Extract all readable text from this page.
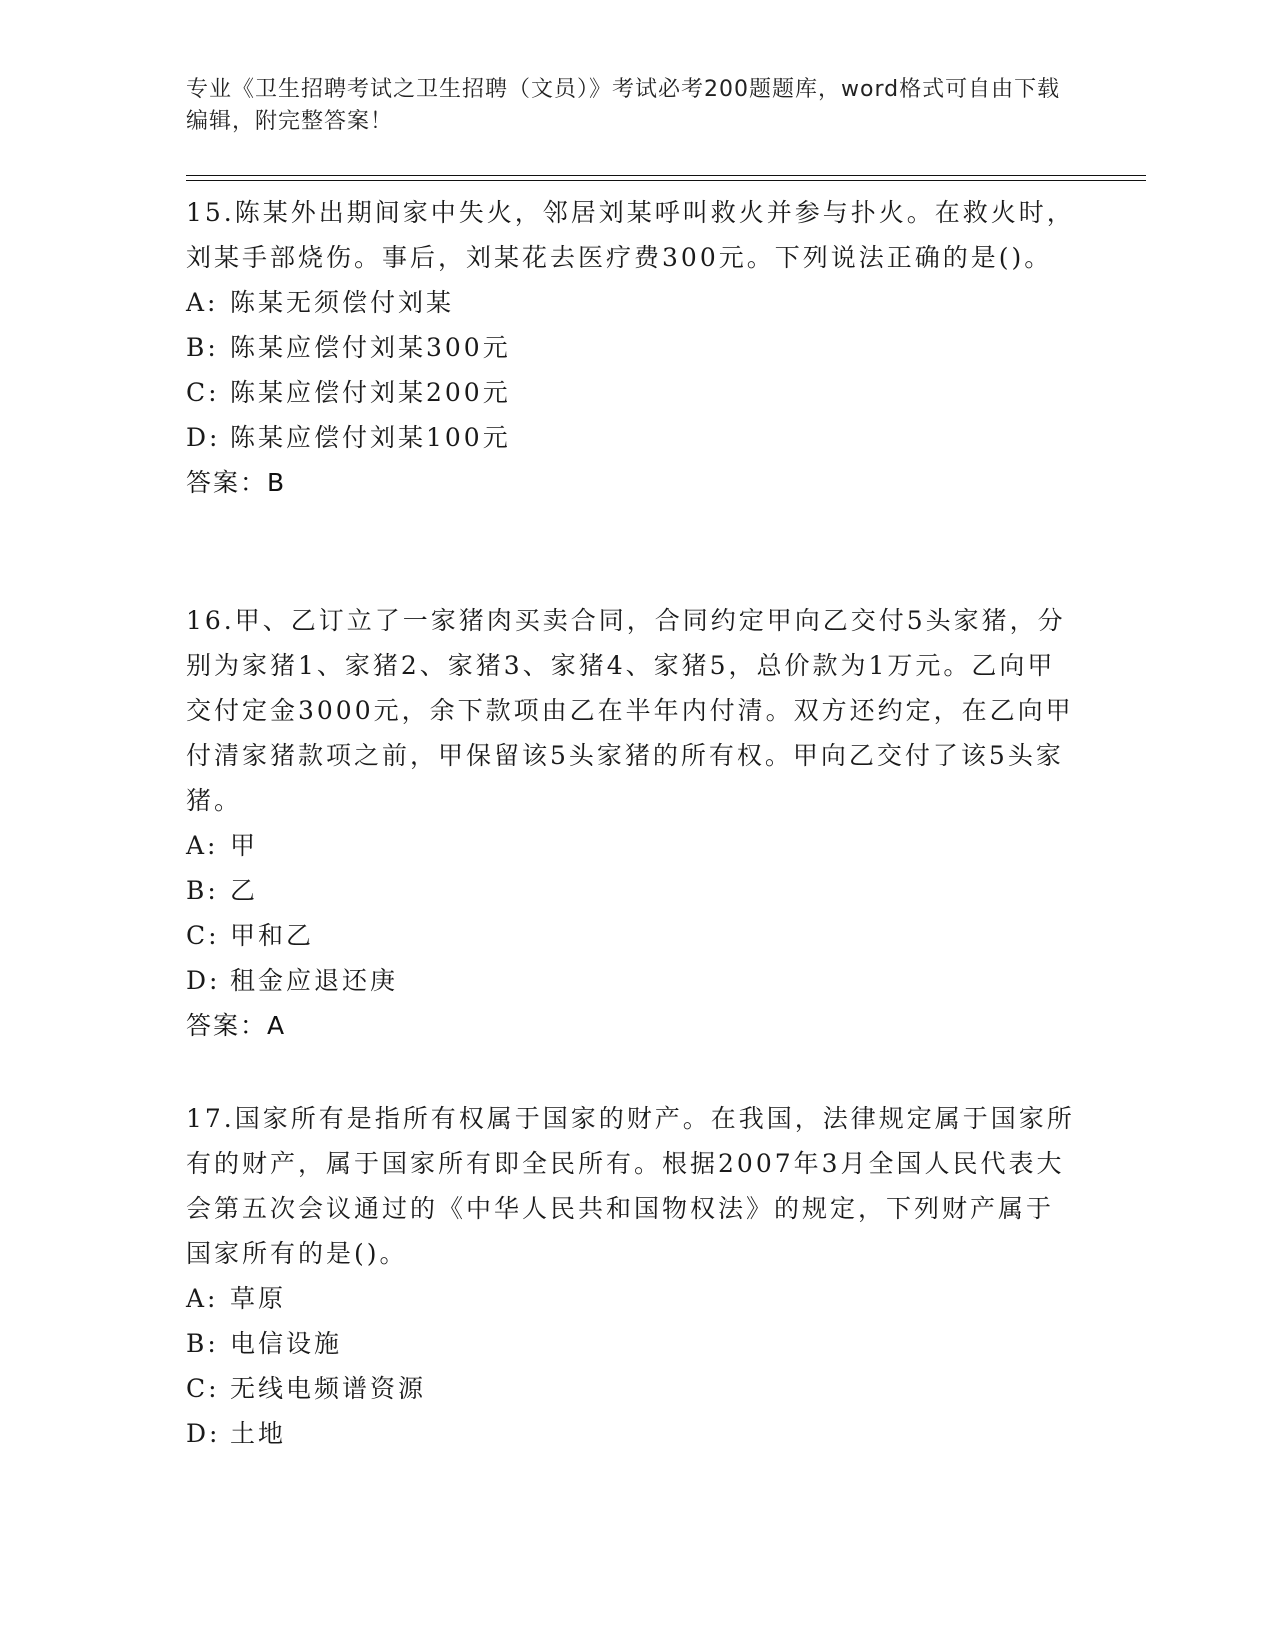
专业《卫生招聘考试之卫生招聘（文员）》考试必考200题题库，word格式可自由下载编辑，附完整答案！

15.陈某外出期间家中失火，邻居刘某呼叫救火并参与扑火。在救火时，刘某手部烧伤。事后，刘某花去医疗费300元。下列说法正确的是()。

A: 陈某无须偿付刘某
B: 陈某应偿付刘某300元
C: 陈某应偿付刘某200元
D: 陈某应偿付刘某100元
答案：B

16.甲、乙订立了一家猪肉买卖合同，合同约定甲向乙交付5头家猪，分别为家猪1、家猪2、家猪3、家猪4、家猪5，总价款为1万元。乙向甲交付定金3000元，余下款项由乙在半年内付清。双方还约定，在乙向甲付清家猪款项之前，甲保留该5头家猪的所有权。甲向乙交付了该5头家猪。

A: 甲
B: 乙
C: 甲和乙
D: 租金应退还庚
答案：A

17.国家所有是指所有权属于国家的财产。在我国，法律规定属于国家所有的财产，属于国家所有即全民所有。根据2007年3月全国人民代表大会第五次会议通过的《中华人民共和国物权法》的规定，下列财产属于国家所有的是()。

A: 草原
B: 电信设施
C: 无线电频谱资源
D: 土地
